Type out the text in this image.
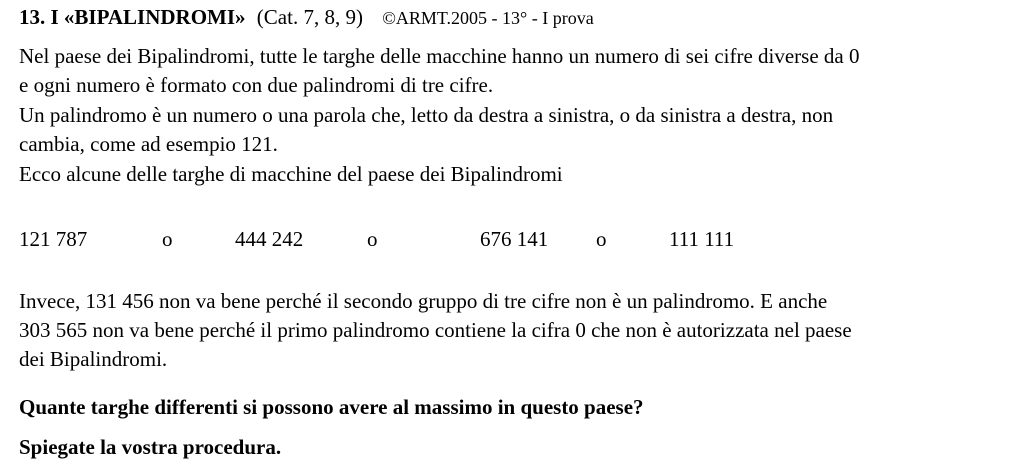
13. I «BIPALINDROMI» (Cat. 7, 8, 9) ©ARMT.2005 - 13° - I prova
Nel paese dei Bipalindromi, tutte le targhe delle macchine hanno un numero di sei cifre diverse da 0
e ogni numero è formato con due palindromi di tre cifre.
Un palindromo è un numero o una parola che, letto da destra a sinistra, o da sinistra a destra, non
cambia, come ad esempio 121.
Ecco alcune delle targhe di macchine del paese dei Bipalindromi
121 787	o	444 242	o	676 141 o	111 111
Invece, 131 456 non va bene perché il secondo gruppo di tre cifre non è un palindromo. E anche
303 565 non va bene perché il primo palindromo contiene la cifra 0 che non è autorizzata nel paese
dei Bipalindromi.
Quante targhe differenti si possono avere al massimo in questo paese?
Spiegate la vostra procedura.
